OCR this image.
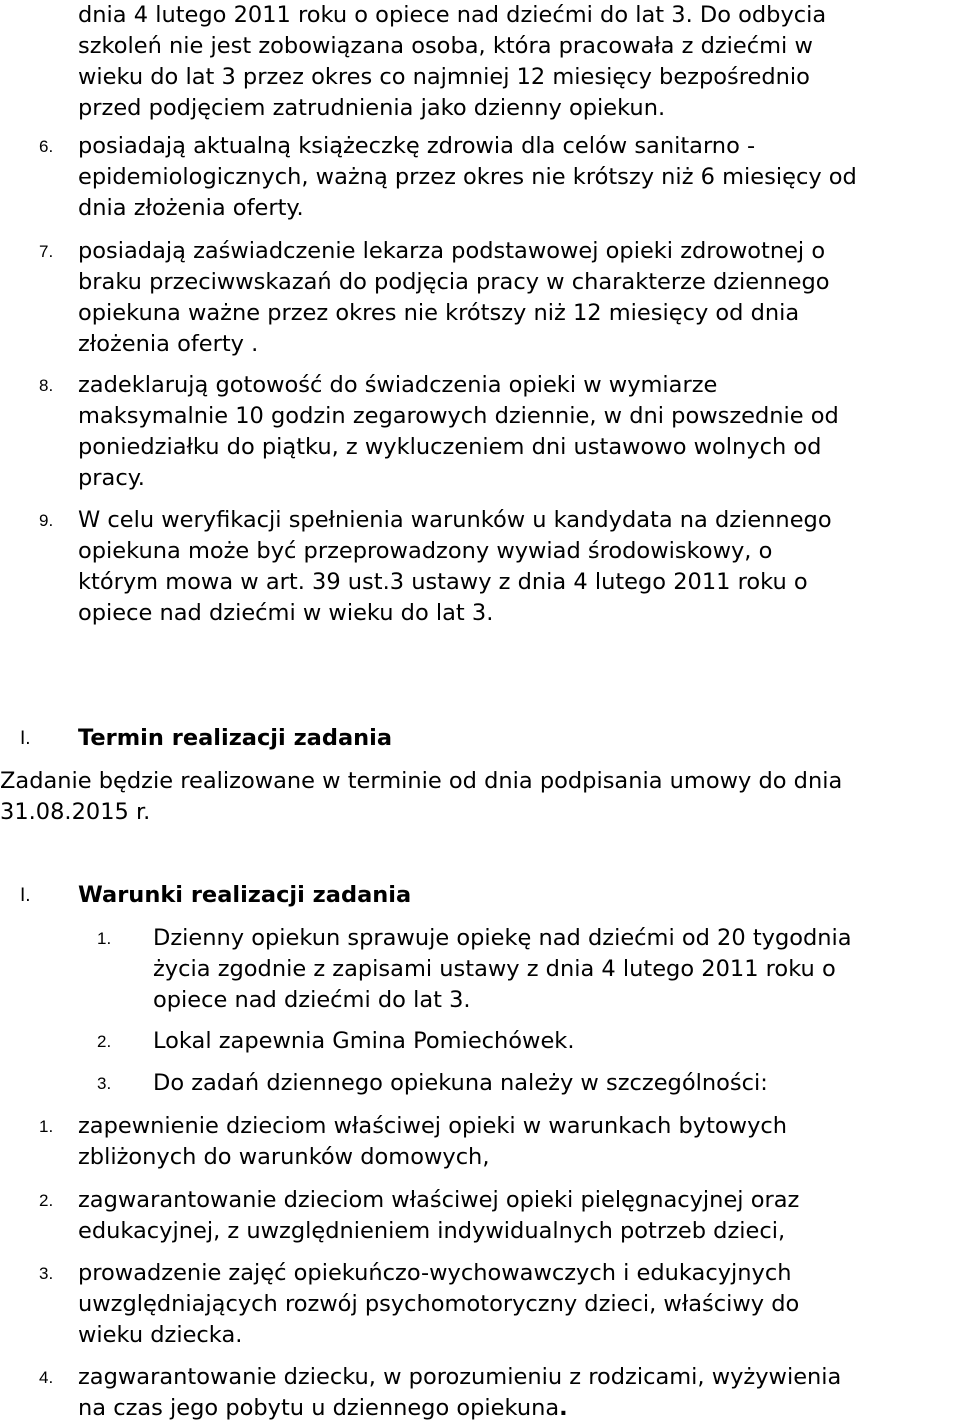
dnia 4 lutego 2011 roku o opiece nad dziećmi do lat 3. Do odbycia
szkoleń nie jest zobowiązana osoba, która pracowała z dziećmi w
wieku do lat 3 przez okres co najmniej 12 miesięcy bezpośrednio
przed podjęciem zatrudnienia jako dzienny opiekun.
6. posiadają aktualną książeczkę zdrowia dla celów sanitarno -
epidemiologicznych, ważną przez okres nie krótszy niż 6 miesięcy od
dnia złożenia oferty.
7. posiadają zaświadczenie lekarza podstawowej opieki zdrowotnej o
braku przeciwwskazań do podjęcia pracy w charakterze dziennego
opiekuna ważne przez okres nie krótszy niż 12 miesięcy od dnia
złożenia oferty .
8. zadeklarują gotowość do świadczenia opieki w wymiarze
maksymalnie 10 godzin zegarowych dziennie, w dni powszednie od
poniedziałku do piątku, z wykluczeniem dni ustawowo wolnych od
pracy.
9. W celu weryfikacji spełnienia warunków u kandydata na dziennego
opiekuna może być przeprowadzony wywiad środowiskowy, o
którym mowa w art. 39 ust.3 ustawy z dnia 4 lutego 2011 roku o
opiece nad dziećmi w wieku do lat 3.
I. Termin realizacji zadania
Zadanie będzie realizowane w terminie od dnia podpisania umowy do dnia
31.08.2015 r.
I. Warunki realizacji zadania
1. Dzienny opiekun sprawuje opiekę nad dziećmi od 20 tygodnia
życia zgodnie z zapisami ustawy z dnia 4 lutego 2011 roku o
opiece nad dziećmi do lat 3.
2. Lokal zapewnia Gmina Pomiechówek.
3. Do zadań dziennego opiekuna należy w szczególności:
1. zapewnienie dzieciom właściwej opieki w warunkach bytowych
zbliżonych do warunków domowych,
2. zagwarantowanie dzieciom właściwej opieki pielęgnacyjnej oraz
edukacyjnej, z uwzględnieniem indywidualnych potrzeb dzieci,
3. prowadzenie zajęć opiekuńczo-wychowawczych i edukacyjnych
uwzględniających rozwój psychomotoryczny dzieci, właściwy do
wieku dziecka.
4. zagwarantowanie dziecku, w porozumieniu z rodzicami, wyżywienia
na czas jego pobytu u dziennego opiekuna.
